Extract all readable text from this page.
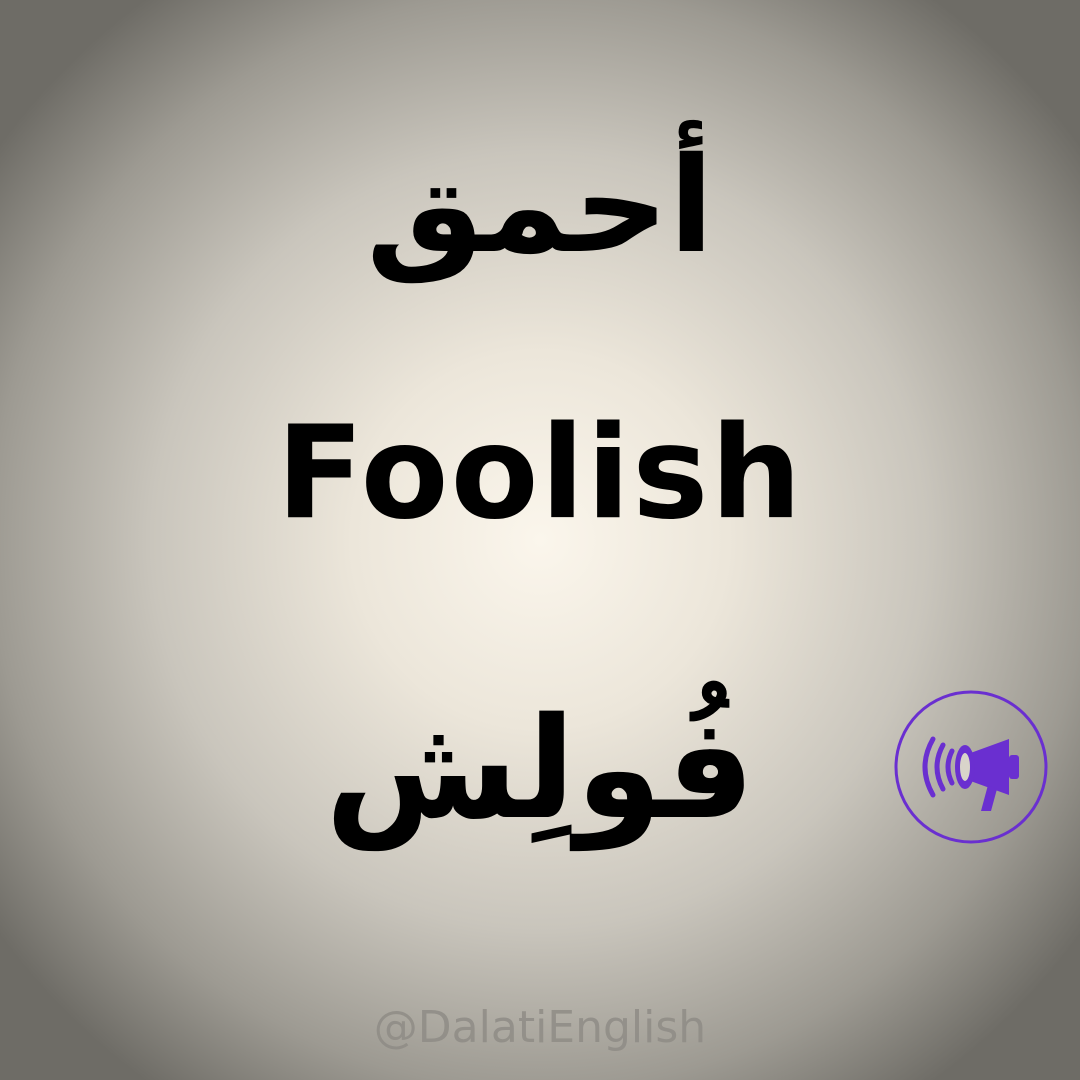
أحمق
Foolish
فُولِش
@DalatiEnglish
